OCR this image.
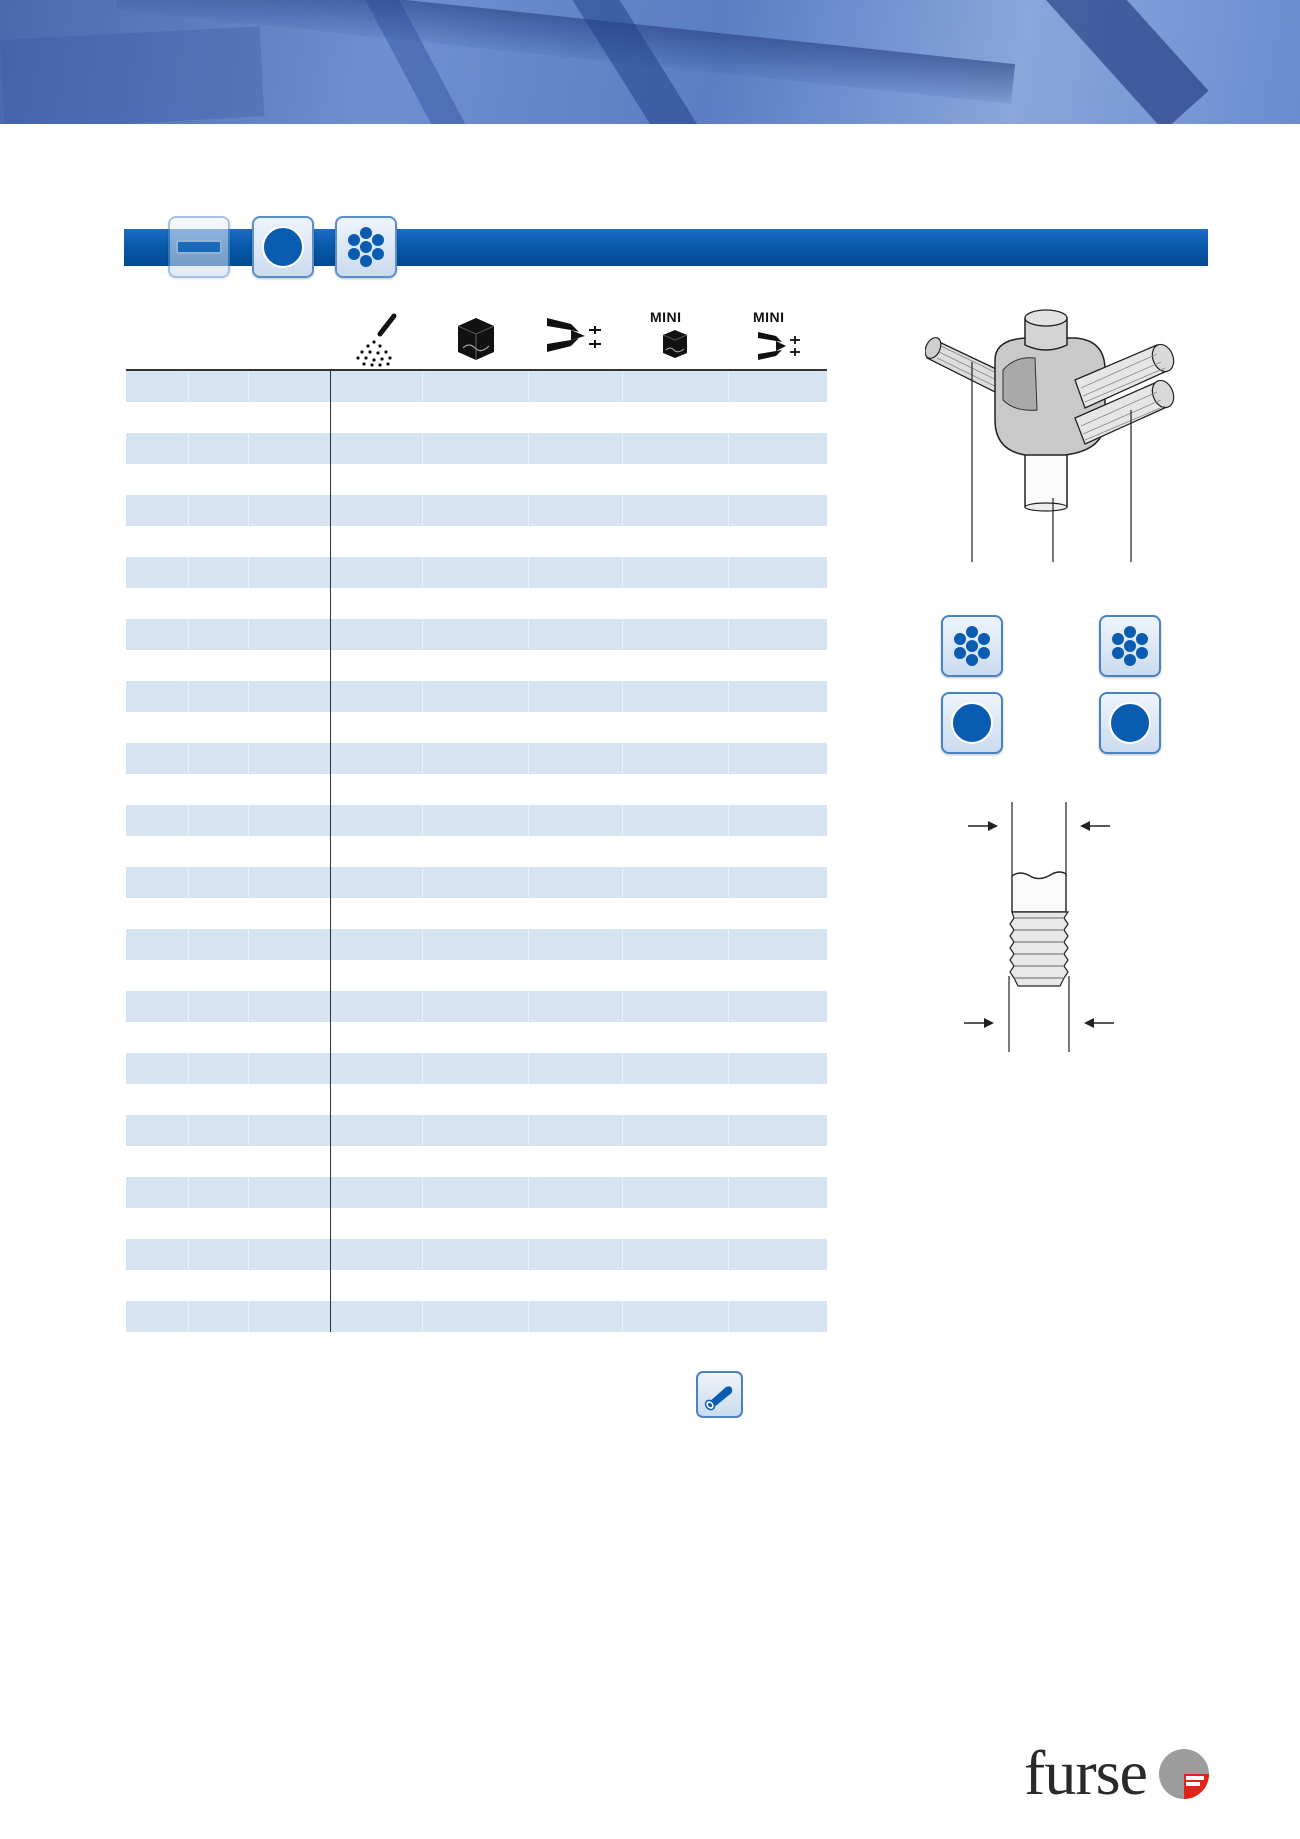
MINI	MINI
furse
